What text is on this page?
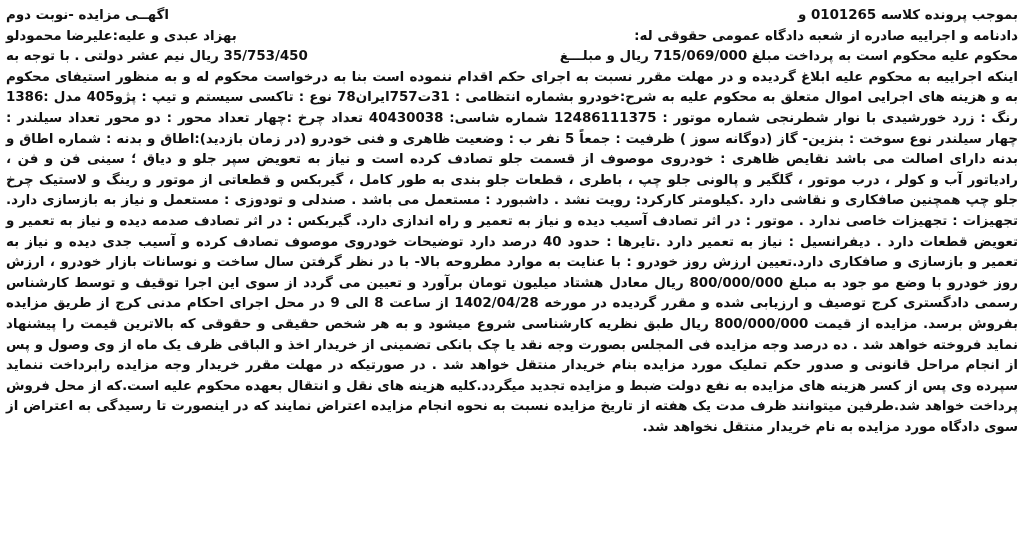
بموجب پرونده کلاسه 0101265 و
اگهــی مزایده -نوبت دوم
دادنامه و اجراییه صادره از شعبه دادگاه عمومی حقوقی له:
بهزاد عبدی و علیه:علیرضا محمودلو
محکوم علیه محکوم است به پرداخت مبلغ 715/069/000 ریال و مبلـــغ
35/753/450 ریال نیم عشر دولتی . با توجه به

اینکه اجراییه به محکوم علیه ابلاغ گردیده و در مهلت مقرر نسبت به اجرای حکم اقدام ننموده است بنا به درخواست محکوم له و به منظور استیفای محکوم به و هزینه های اجرایی اموال متعلق به محکوم علیه به شرح:خودرو بشماره انتظامی : 31ت757ایران78 نوع : تاکسی سیستم و تیپ : پژو405 مدل :1386 رنگ : زرد خورشیدی با نوار شطرنجی شماره موتور : 12486111375 شماره شاسی: 40430038 تعداد چرخ :چهار تعداد محور : دو محور تعداد سیلندر : چهار سیلندر نوع سوخت : بنزین- گاز (دوگانه سوز ) ظرفیت : جمعاً 5 نفر ب : وضعیت ظاهری و فنی خودرو (در زمان بازدید):اطاق و بدنه : شماره اطاق و بدنه دارای اصالت می باشد نقایص ظاهری : خودروی موصوف از قسمت جلو تصادف کرده است و نیاز به تعویض سپر جلو و دیاق ؛ سینی فن و فن ، رادیاتور آب و کولر ، درب موتور ، گلگیر و پالونی جلو چپ ، باطری ، قطعات جلو بندی به طور کامل ، گیربکس و قطعاتی از موتور و رینگ و لاستیک چرخ جلو چپ همچنین صافکاری و نقاشی دارد .کیلومتر کارکرد: رویت نشد . داشبورد : مستعمل می باشد . صندلی و تودوزی : مستعمل و نیاز به بازسازی دارد. تجهیزات : تجهیزات خاصی ندارد . موتور : در اثر تصادف آسیب دیده و نیاز به تعمیر و راه اندازی دارد. گیربکس : در اثر تصادف صدمه دیده و نیاز به تعمیر و تعویض قطعات دارد . دیفرانسیل : نیاز به تعمیر دارد .تایرها : حدود 40 درصد دارد توضیحات خودروی موصوف تصادف کرده و آسیب جدی دیده و نیاز به تعمیر و بازسازی و صافکاری دارد.تعیین ارزش روز خودرو : با عنایت به موارد مطروحه بالا- با در نظر گرفتن سال ساخت و نوسانات بازار خودرو ، ارزش روز خودرو با وضع مو جود به مبلغ 800/000/000 ریال معادل هشتاد میلیون تومان برآورد و تعیین می گردد از سوی این اجرا توقیف و توسط کارشناس رسمی دادگستری کرج توصیف و ارزیابی شده و مقرر گردیده در مورخه 1402/04/28 از ساعت 8 الی 9 در محل اجرای احکام مدنی کرج از طریق مزایده بفروش برسد. مزایده از قیمت 800/000/000 ریال طبق نظریه کارشناسی شروع میشود و به هر شخص حقیقی و حقوقی که بالاترین قیمت را پیشنهاد نماید فروخته خواهد شد . ده درصد وجه مزایده فی المجلس بصورت وجه نقد یا چک بانکی تضمینی از خریدار اخذ و الباقی ظرف یک ماه از وی وصول و پس از انجام مراحل قانونی و صدور حکم تملیک مورد مزایده بنام خریدار منتقل خواهد شد . در صورتیکه در مهلت مقرر خریدار وجه مزایده رابرداخت ننماید سپرده وی پس از کسر هزینه های مزایده به نفع دولت ضبط و مزایده تجدید میگردد.کلیه هزینه های نقل و انتقال بعهده محکوم علیه است.که از محل فروش پرداخت خواهد شد.طرفین میتوانند ظرف مدت یک هفته از تاریخ مزایده نسبت به نحوه انجام مزایده اعتراض نمایند که در اینصورت تا رسیدگی به اعتراض از سوی دادگاه مورد مزایده به نام خریدار منتقل نخواهد شد.
